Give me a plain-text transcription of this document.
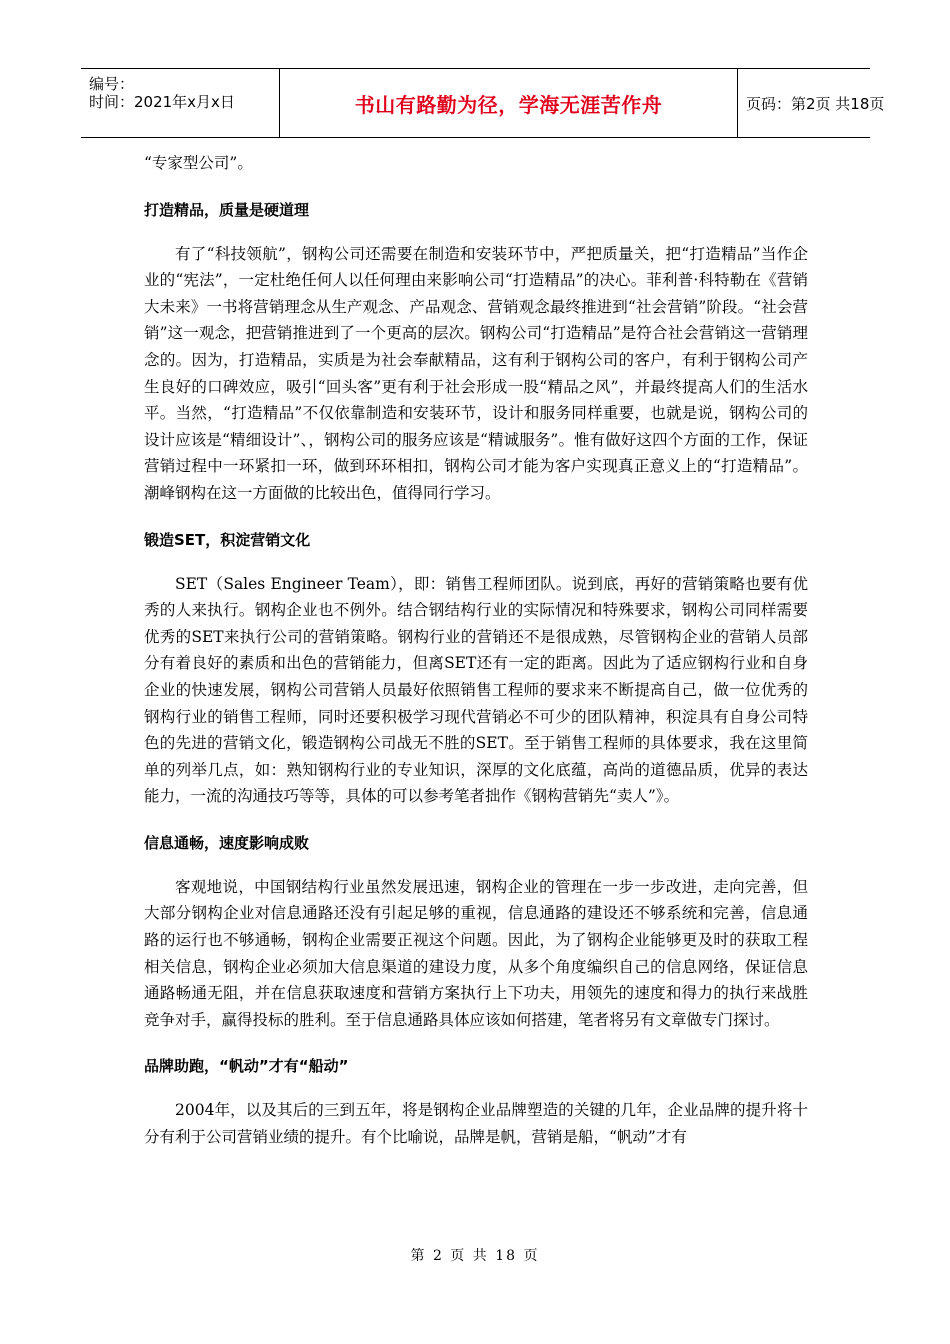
编号：
时间：2021年x月x日	书山有路勤为径，学海无涯苦作舟	页码：第2页 共18页

“专家型公司”。

打造精品，质量是硬道理

有了“科技领航”，钢构公司还需要在制造和安装环节中，严把质量关，把“打造精品”当作企业的“宪法”，一定杜绝任何人以任何理由来影响公司“打造精品”的决心。菲利普·科特勒在《营销大未来》一书将营销理念从生产观念、产品观念、营销观念最终推进到“社会营销”阶段。“社会营销”这一观念，把营销推进到了一个更高的层次。钢构公司“打造精品”是符合社会营销这一营销理念的。因为，打造精品，实质是为社会奉献精品，这有利于钢构公司的客户，有利于钢构公司产生良好的口碑效应，吸引“回头客”更有利于社会形成一股“精品之风”，并最终提高人们的生活水平。当然，“打造精品”不仅依靠制造和安装环节，设计和服务同样重要，也就是说，钢构公司的设计应该是“精细设计”、，钢构公司的服务应该是“精诚服务”。惟有做好这四个方面的工作，保证营销过程中一环紧扣一环，做到环环相扣，钢构公司才能为客户实现真正意义上的“打造精品”。潮峰钢构在这一方面做的比较出色，值得同行学习。

锻造SET，积淀营销文化

SET（Sales Engineer Team），即：销售工程师团队。说到底，再好的营销策略也要有优秀的人来执行。钢构企业也不例外。结合钢结构行业的实际情况和特殊要求，钢构公司同样需要优秀的SET来执行公司的营销策略。钢构行业的营销还不是很成熟，尽管钢构企业的营销人员部分有着良好的素质和出色的营销能力，但离SET还有一定的距离。因此为了适应钢构行业和自身企业的快速发展，钢构公司营销人员最好依照销售工程师的要求来不断提高自己，做一位优秀的钢构行业的销售工程师，同时还要积极学习现代营销必不可少的团队精神，积淀具有自身公司特色的先进的营销文化，锻造钢构公司战无不胜的SET。至于销售工程师的具体要求，我在这里简单的列举几点，如：熟知钢构行业的专业知识，深厚的文化底蕴，高尚的道德品质，优异的表达能力，一流的沟通技巧等等，具体的可以参考笔者拙作《钢构营销先“卖人”》。

信息通畅，速度影响成败

客观地说，中国钢结构行业虽然发展迅速，钢构企业的管理在一步一步改进，走向完善，但大部分钢构企业对信息通路还没有引起足够的重视，信息通路的建设还不够系统和完善，信息通路的运行也不够通畅，钢构企业需要正视这个问题。因此，为了钢构企业能够更及时的获取工程相关信息，钢构企业必须加大信息渠道的建设力度，从多个角度编织自己的信息网络，保证信息通路畅通无阻，并在信息获取速度和营销方案执行上下功夫，用领先的速度和得力的执行来战胜竞争对手，赢得投标的胜利。至于信息通路具体应该如何搭建，笔者将另有文章做专门探讨。

品牌助跑，“帆动”才有“船动”

2004年，以及其后的三到五年，将是钢构企业品牌塑造的关键的几年，企业品牌的提升将十分有利于公司营销业绩的提升。有个比喻说，品牌是帆，营销是船，“帆动”才有

第 2 页 共 18 页
